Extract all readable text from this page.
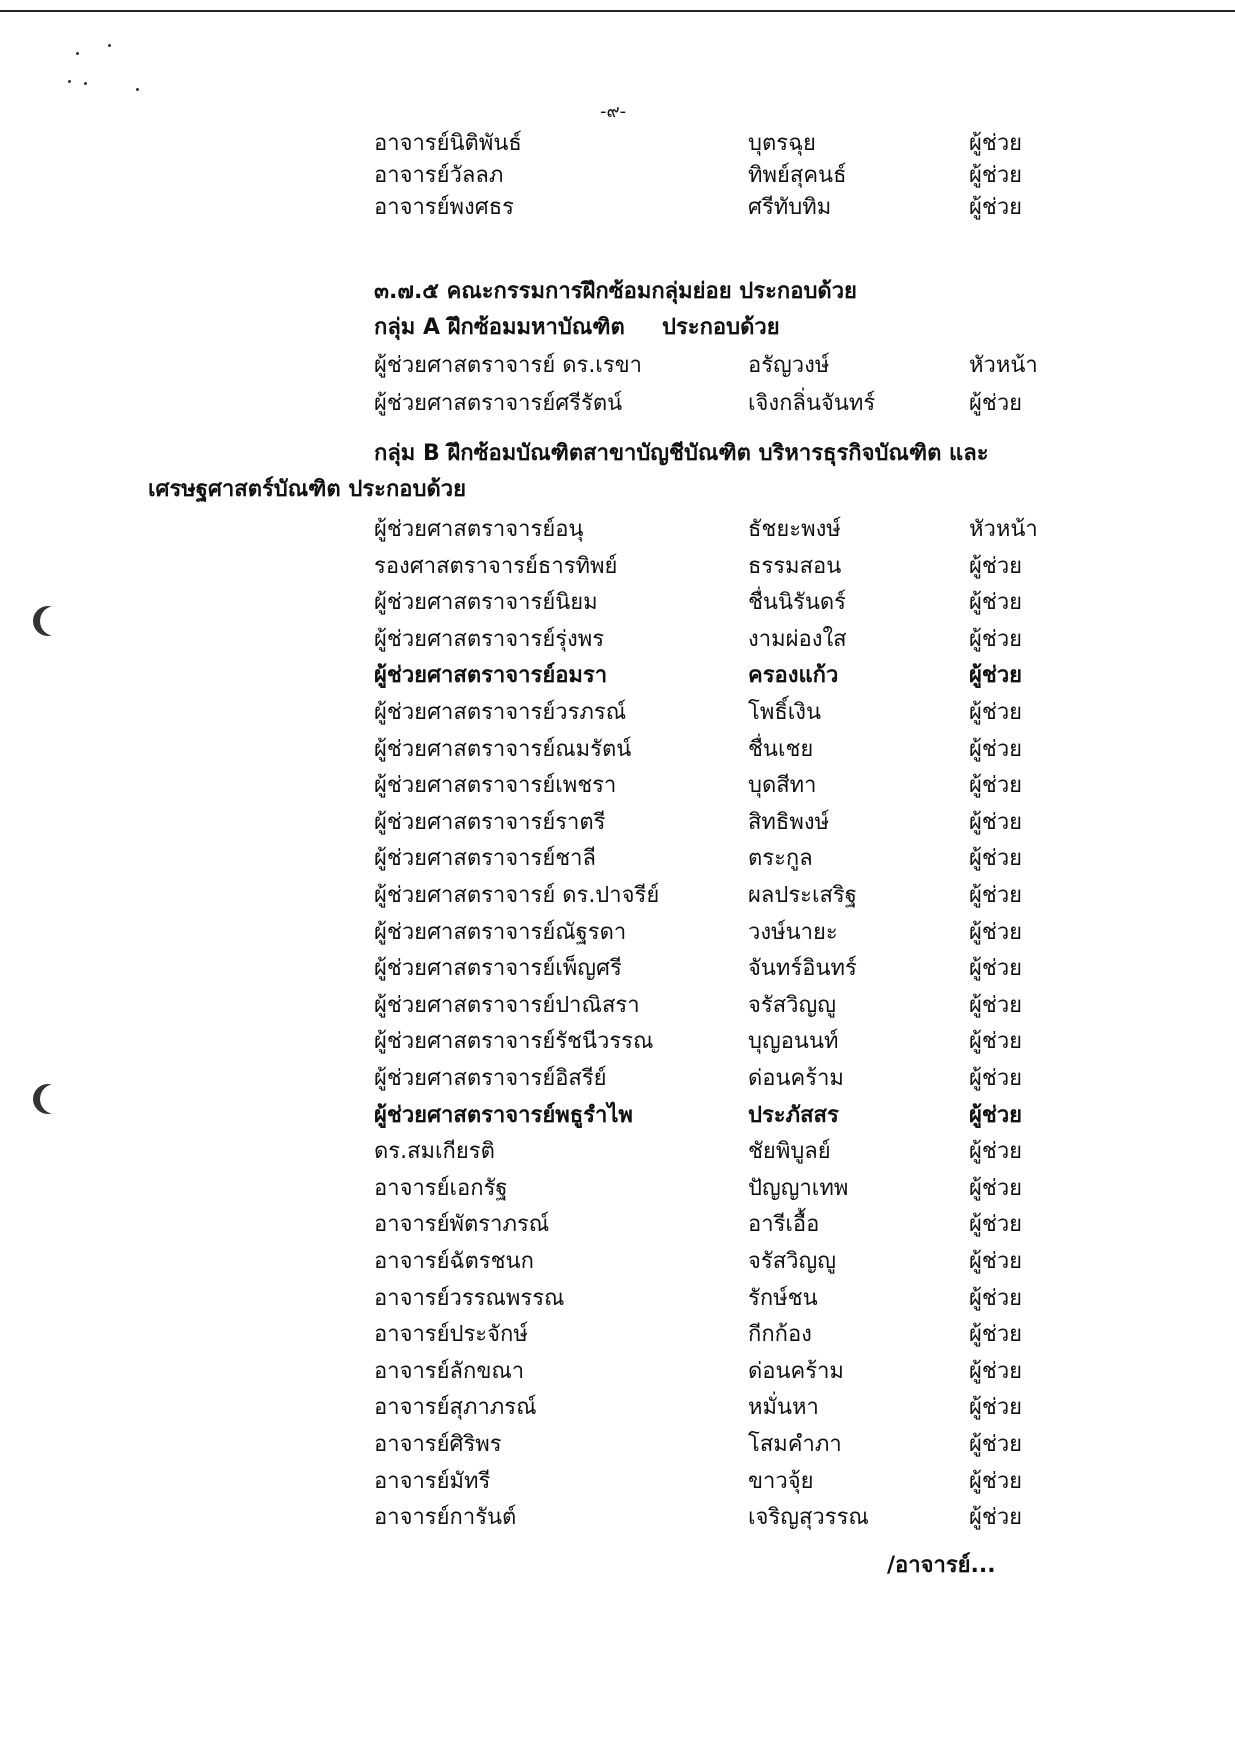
-๙-
อาจารย์นิติพันธ์	บุตรฉุย	ผู้ช่วย
อาจารย์วัลลภ	ทิพย์สุคนธ์	ผู้ช่วย
อาจารย์พงศธร	ศรีทับทิม	ผู้ช่วย
๓.๗.๕ คณะกรรมการฝึกซ้อมกลุ่มย่อย ประกอบด้วย
กลุ่ม A ฝึกซ้อมมหาบัณฑิต ประกอบด้วย
ผู้ช่วยศาสตราจารย์ ดร.เรขา	อรัญวงษ์	หัวหน้า
ผู้ช่วยศาสตราจารย์ศรีรัตน์	เจิงกลิ่นจันทร์	ผู้ช่วย
กลุ่ม B ฝึกซ้อมบัณฑิตสาขาบัญชีบัณฑิต บริหารธุรกิจบัณฑิต และ
เศรษฐศาสตร์บัณฑิต ประกอบด้วย
ผู้ช่วยศาสตราจารย์อนุ	ธัชยะพงษ์	หัวหน้า
รองศาสตราจารย์ธารทิพย์	ธรรมสอน	ผู้ช่วย
ผู้ช่วยศาสตราจารย์นิยม	ชื่นนิรันดร์	ผู้ช่วย
ผู้ช่วยศาสตราจารย์รุ่งพร	งามผ่องใส	ผู้ช่วย
ผู้ช่วยศาสตราจารย์อมรา	ครองแก้ว	ผู้ช่วย
ผู้ช่วยศาสตราจารย์วรภรณ์	โพธิ์เงิน	ผู้ช่วย
ผู้ช่วยศาสตราจารย์ณมรัตน์	ชื่นเชย	ผู้ช่วย
ผู้ช่วยศาสตราจารย์เพชรา	บุดสีทา	ผู้ช่วย
ผู้ช่วยศาสตราจารย์ราตรี	สิทธิพงษ์	ผู้ช่วย
ผู้ช่วยศาสตราจารย์ชาลี	ตระกูล	ผู้ช่วย
ผู้ช่วยศาสตราจารย์ ดร.ปาจรีย์	ผลประเสริฐ	ผู้ช่วย
ผู้ช่วยศาสตราจารย์ณัฐรดา	วงษ์นายะ	ผู้ช่วย
ผู้ช่วยศาสตราจารย์เพ็ญศรี	จันทร์อินทร์	ผู้ช่วย
ผู้ช่วยศาสตราจารย์ปาณิสรา	จรัสวิญญู	ผู้ช่วย
ผู้ช่วยศาสตราจารย์รัชนีวรรณ	บุญอนนท์	ผู้ช่วย
ผู้ช่วยศาสตราจารย์อิสรีย์	ด่อนคร้าม	ผู้ช่วย
ผู้ช่วยศาสตราจารย์พธูรำไพ	ประภัสสร	ผู้ช่วย
ดร.สมเกียรติ	ชัยพิบูลย์	ผู้ช่วย
อาจารย์เอกรัฐ	ปัญญาเทพ	ผู้ช่วย
อาจารย์พัตราภรณ์	อารีเอื้อ	ผู้ช่วย
อาจารย์ฉัตรชนก	จรัสวิญญู	ผู้ช่วย
อาจารย์วรรณพรรณ	รักษ์ชน	ผู้ช่วย
อาจารย์ประจักษ์	กีกก้อง	ผู้ช่วย
อาจารย์ลักขณา	ด่อนคร้าม	ผู้ช่วย
อาจารย์สุภาภรณ์	หมั่นหา	ผู้ช่วย
อาจารย์ศิริพร	โสมคำภา	ผู้ช่วย
อาจารย์มัทรี	ขาวจุ้ย	ผู้ช่วย
อาจารย์การันต์	เจริญสุวรรณ	ผู้ช่วย
/อาจารย์...
